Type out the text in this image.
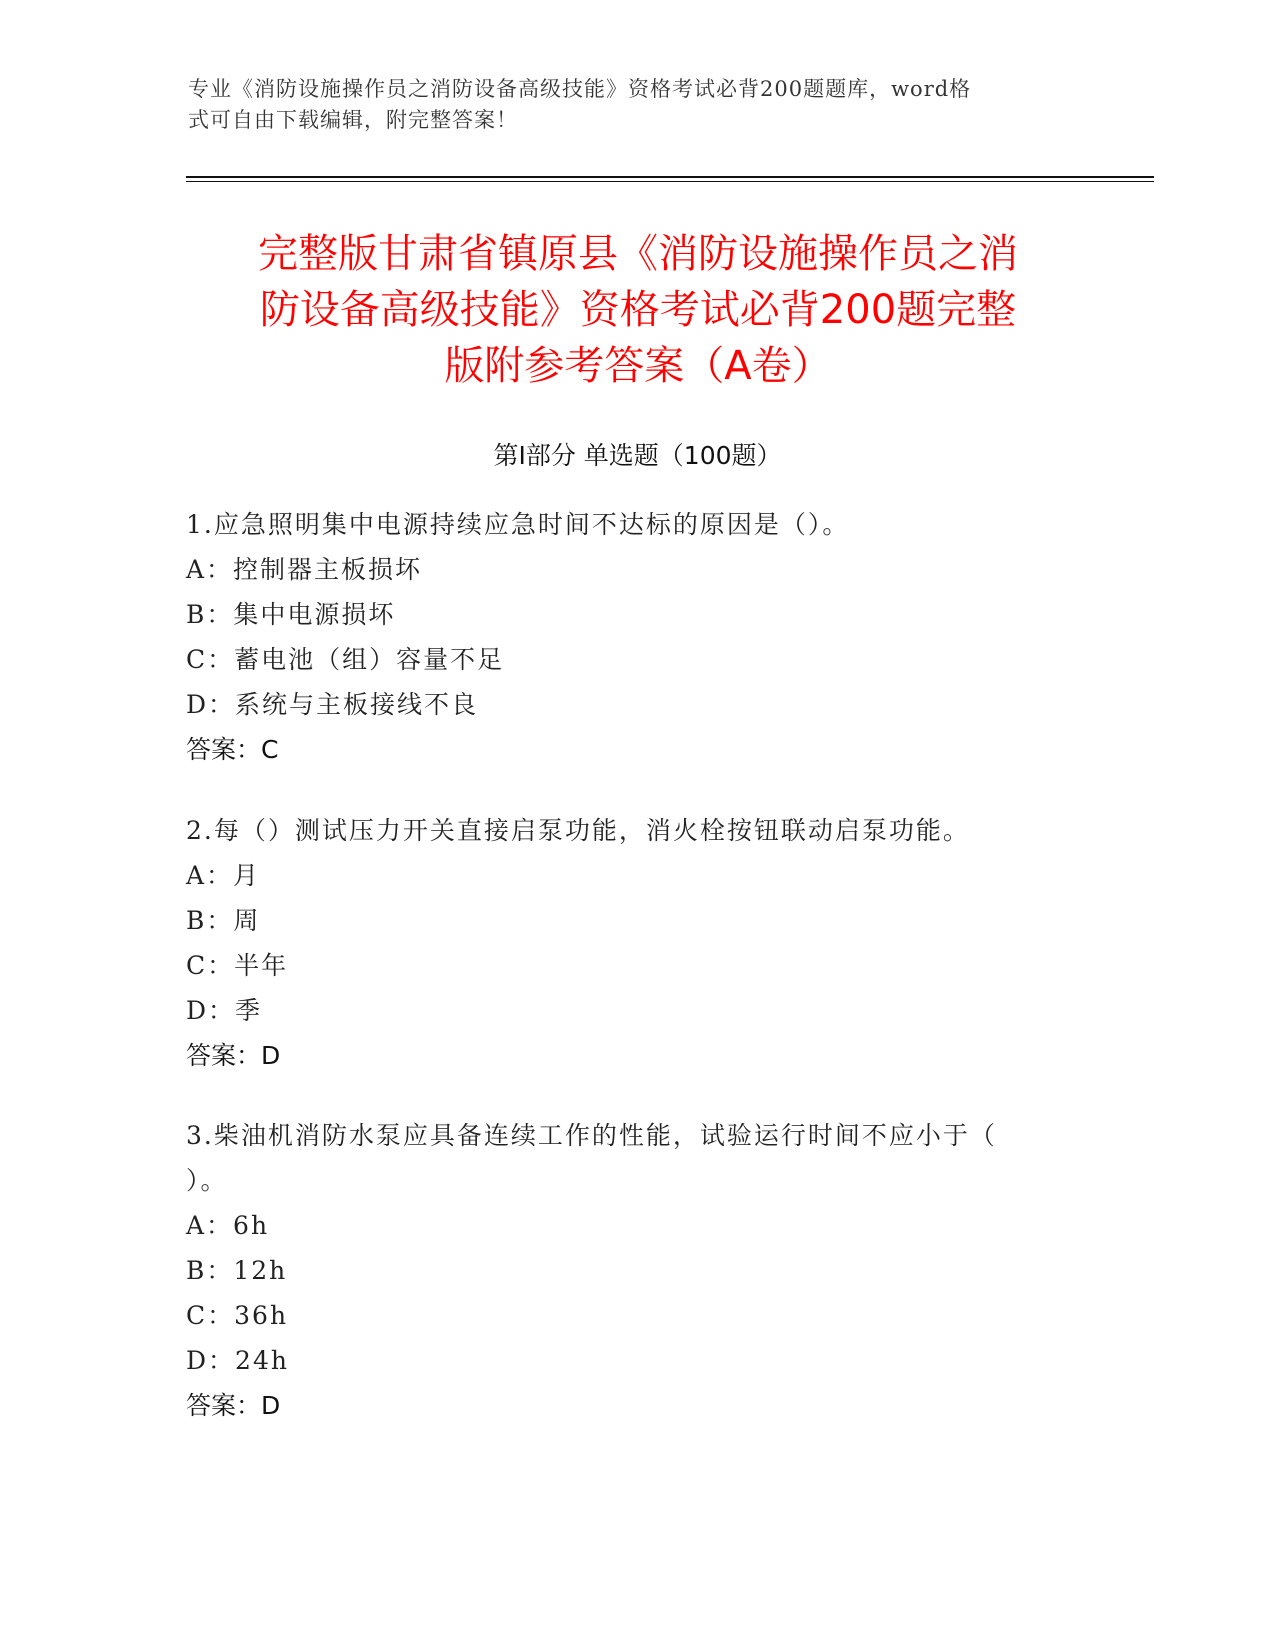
专业《消防设施操作员之消防设备高级技能》资格考试必背200题题库，word格
式可自由下载编辑，附完整答案！
完整版甘肃省镇原县《消防设施操作员之消
防设备高级技能》资格考试必背200题完整
版附参考答案（A卷）
第Ⅰ部分 单选题（100题）
1.应急照明集中电源持续应急时间不达标的原因是（）。
A：控制器主板损坏
B：集中电源损坏
C：蓄电池（组）容量不足
D：系统与主板接线不良
答案：C
2.每（）测试压力开关直接启泵功能，消火栓按钮联动启泵功能。
A：月
B：周
C：半年
D：季
答案：D
3.柴油机消防水泵应具备连续工作的性能，试验运行时间不应小于（
）。
A：6h
B：12h
C：36h
D：24h
答案：D
